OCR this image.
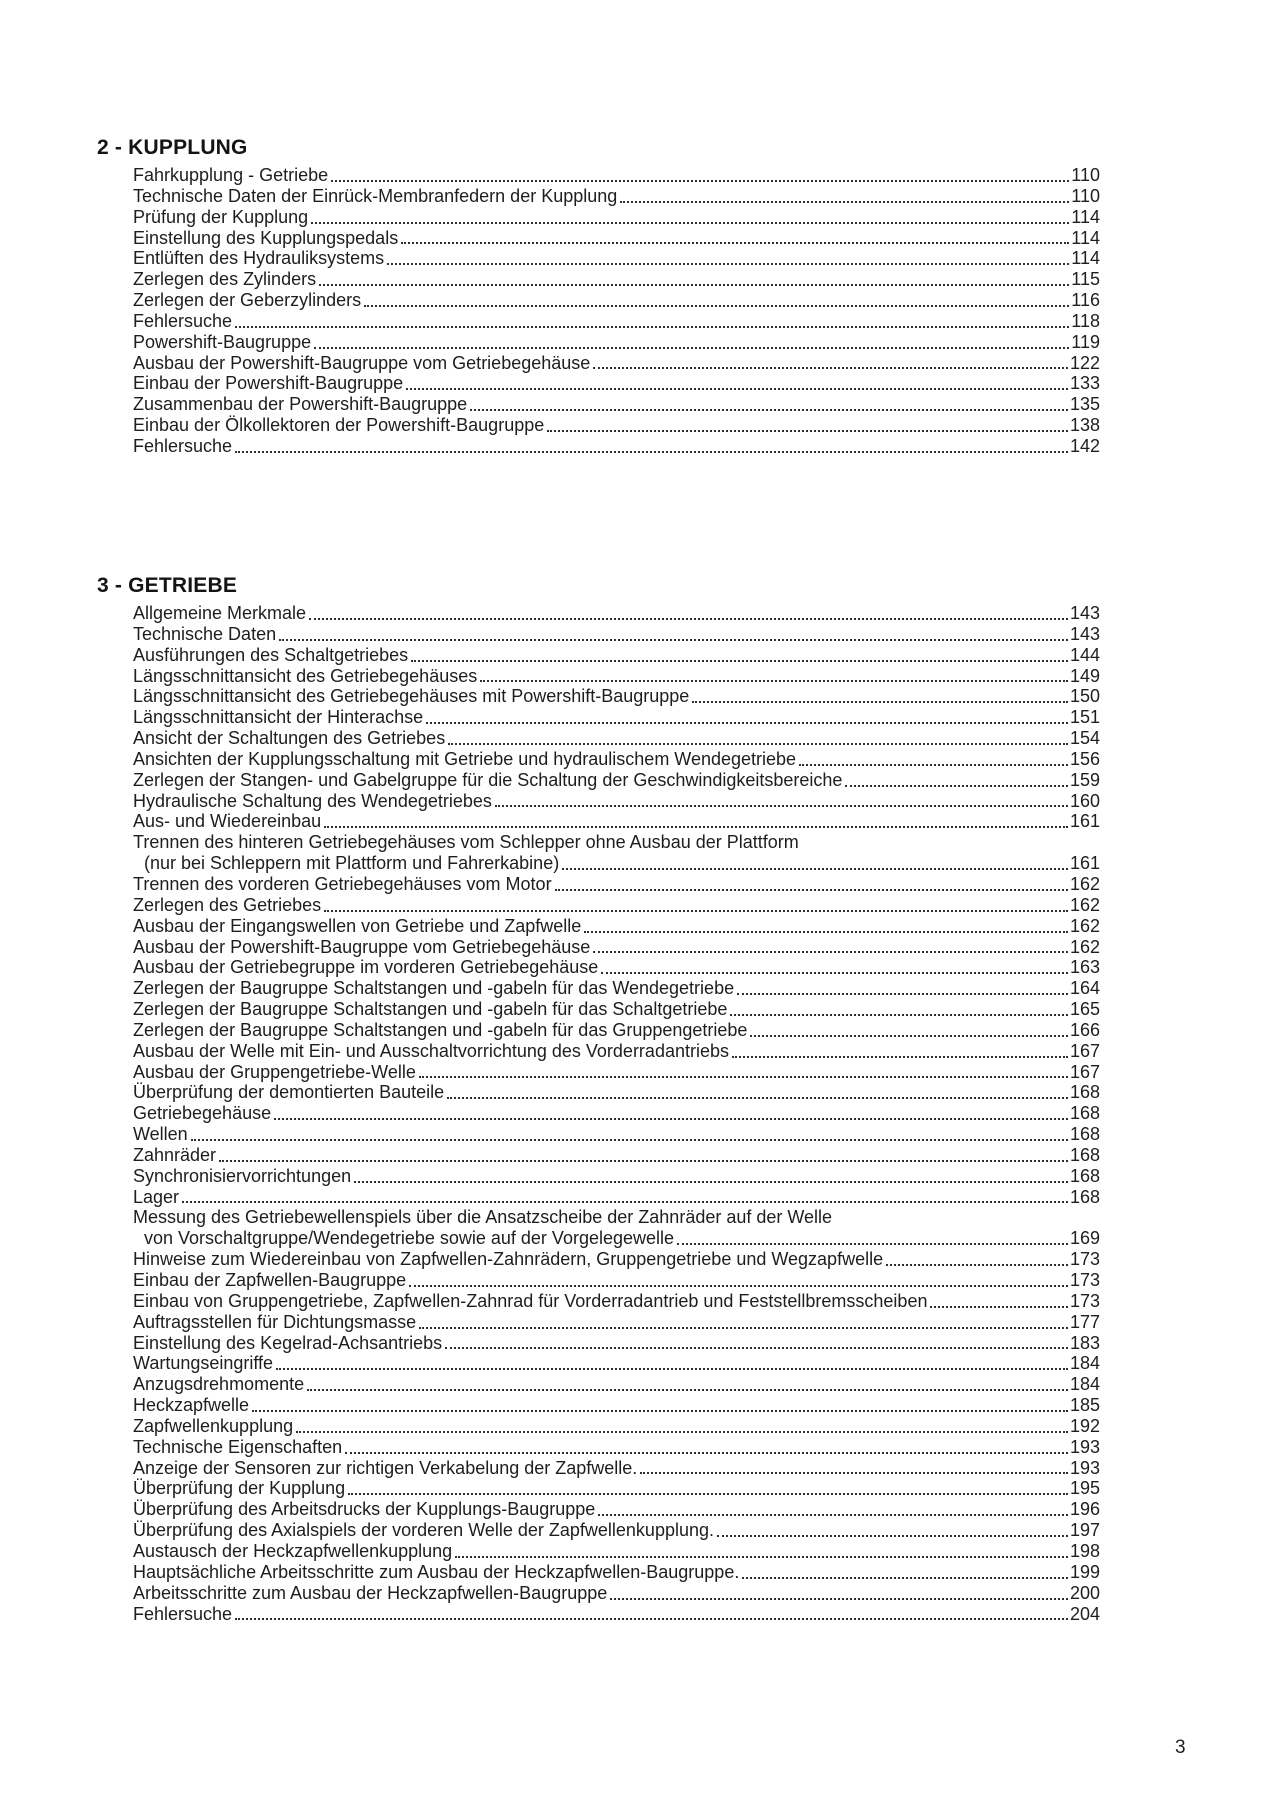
2 - KUPPLUNG
Fahrkupplung - Getriebe	110
Technische Daten der Einrück-Membranfedern der Kupplung	110
Prüfung der Kupplung	114
Einstellung des Kupplungspedals	114
Entlüften des Hydrauliksystems	114
Zerlegen des Zylinders	115
Zerlegen der Geberzylinders	116
Fehlersuche	118
Powershift-Baugruppe	119
Ausbau der Powershift-Baugruppe vom Getriebegehäuse	122
Einbau der Powershift-Baugruppe	133
Zusammenbau der Powershift-Baugruppe	135
Einbau der Ölkollektoren der Powershift-Baugruppe	138
Fehlersuche	142
3 - GETRIEBE
Allgemeine Merkmale	143
Technische Daten	143
Ausführungen des Schaltgetriebes	144
Längsschnittansicht des Getriebegehäuses	149
Längsschnittansicht des Getriebegehäuses mit Powershift-Baugruppe	150
Längsschnittansicht der Hinterachse	151
Ansicht der Schaltungen des Getriebes	154
Ansichten der Kupplungsschaltung mit Getriebe und hydraulischem Wendegetriebe	156
Zerlegen der Stangen- und Gabelgruppe für die Schaltung der Geschwindigkeitsbereiche	159
Hydraulische Schaltung des Wendegetriebes	160
Aus- und Wiedereinbau	161
Trennen des hinteren Getriebegehäuses vom Schlepper ohne Ausbau der Plattform
(nur bei Schleppern mit Plattform und Fahrerkabine)	161
Trennen des vorderen Getriebegehäuses vom Motor	162
Zerlegen des Getriebes	162
Ausbau der Eingangswellen von Getriebe und Zapfwelle	162
Ausbau der Powershift-Baugruppe vom Getriebegehäuse	162
Ausbau der Getriebegruppe im vorderen Getriebegehäuse	163
Zerlegen der Baugruppe Schaltstangen und -gabeln für das Wendegetriebe	164
Zerlegen der Baugruppe Schaltstangen und -gabeln für das Schaltgetriebe	165
Zerlegen der Baugruppe Schaltstangen und -gabeln für das Gruppengetriebe	166
Ausbau der Welle mit Ein- und Ausschaltvorrichtung des Vorderradantriebs	167
Ausbau der Gruppengetriebe-Welle	167
Überprüfung der demontierten Bauteile	168
Getriebegehäuse	168
Wellen	168
Zahnräder	168
Synchronisiervorrichtungen	168
Lager	168
Messung des Getriebewellenspiels über die Ansatzscheibe der Zahnräder auf der Welle
von Vorschaltgruppe/Wendegetriebe sowie auf der Vorgelegewelle	169
Hinweise zum Wiedereinbau von Zapfwellen-Zahnrädern, Gruppengetriebe und Wegzapfwelle	173
Einbau der Zapfwellen-Baugruppe	173
Einbau von Gruppengetriebe, Zapfwellen-Zahnrad für Vorderradantrieb und Feststellbremsscheiben	173
Auftragsstellen für Dichtungsmasse	177
Einstellung des Kegelrad-Achsantriebs	183
Wartungseingriffe	184
Anzugsdrehmomente	184
Heckzapfwelle	185
Zapfwellenkupplung	192
Technische Eigenschaften	193
Anzeige der Sensoren zur richtigen Verkabelung der Zapfwelle.	193
Überprüfung der Kupplung	195
Überprüfung des Arbeitsdrucks der Kupplungs-Baugruppe	196
Überprüfung des Axialspiels der vorderen Welle der Zapfwellenkupplung.	197
Austausch der Heckzapfwellenkupplung	198
Hauptsächliche Arbeitsschritte zum Ausbau der Heckzapfwellen-Baugruppe.	199
Arbeitsschritte zum Ausbau der Heckzapfwellen-Baugruppe	200
Fehlersuche	204
3
